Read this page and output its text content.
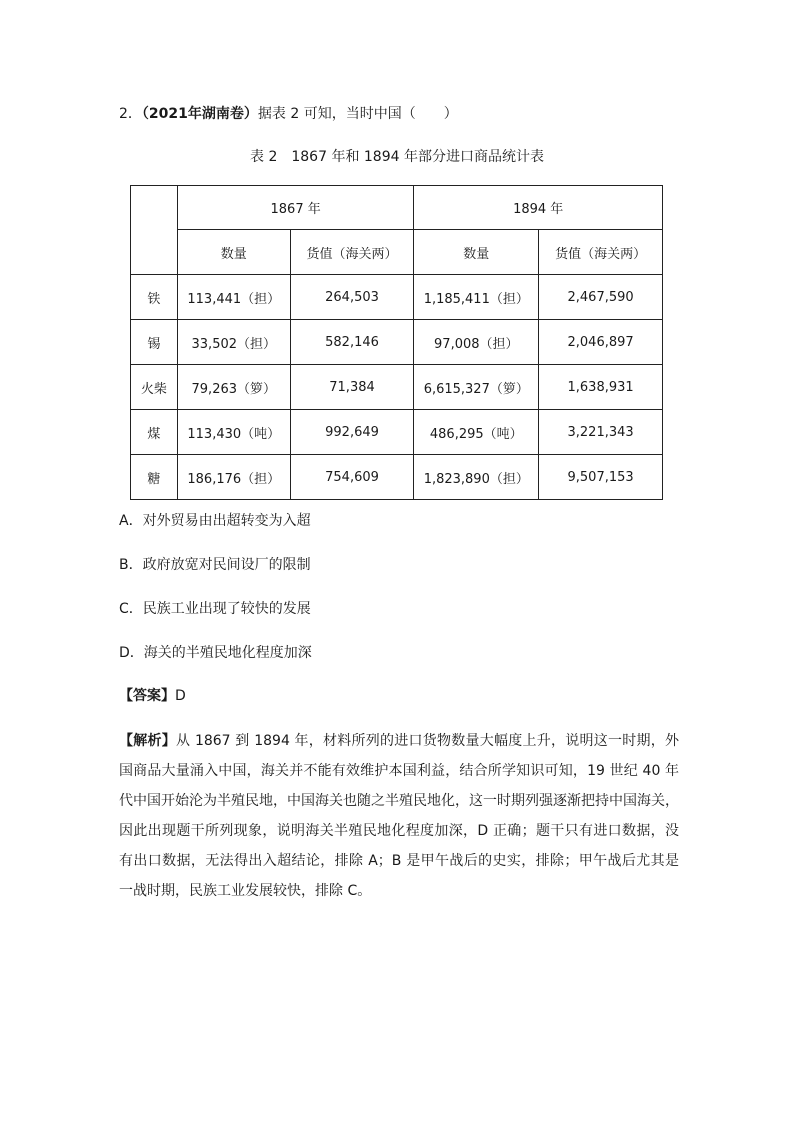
2．（2021年湖南卷）据表 2 可知，当时中国（　　）
表 2　1867 年和 1894 年部分进口商品统计表
	1867 年		1894 年	
	数量	货值（海关两）	数量	货值（海关两）
铁	113,441（担）	264,503	1,185,411（担）	2,467,590
锡	33,502（担）	582,146	97,008（担）	2,046,897
火柴	79,263（箩）	71,384	6,615,327（箩）	1,638,931
煤	113,430（吨）	992,649	486,295（吨）	3,221,343
糖	186,176（担）	754,609	1,823,890（担）	9,507,153
A．对外贸易由出超转变为入超
B．政府放宽对民间设厂的限制
C．民族工业出现了较快的发展
D．海关的半殖民地化程度加深
【答案】D
【解析】从 1867 到 1894 年，材料所列的进口货物数量大幅度上升，说明这一时期，外国商品大量涌入中国，海关并不能有效维护本国利益，结合所学知识可知，19 世纪 40 年代中国开始沦为半殖民地，中国海关也随之半殖民地化，这一时期列强逐渐把持中国海关，因此出现题干所列现象，说明海关半殖民地化程度加深，D 正确；题干只有进口数据，没有出口数据，无法得出入超结论，排除 A；B 是甲午战后的史实，排除；甲午战后尤其是一战时期，民族工业发展较快，排除 C。
